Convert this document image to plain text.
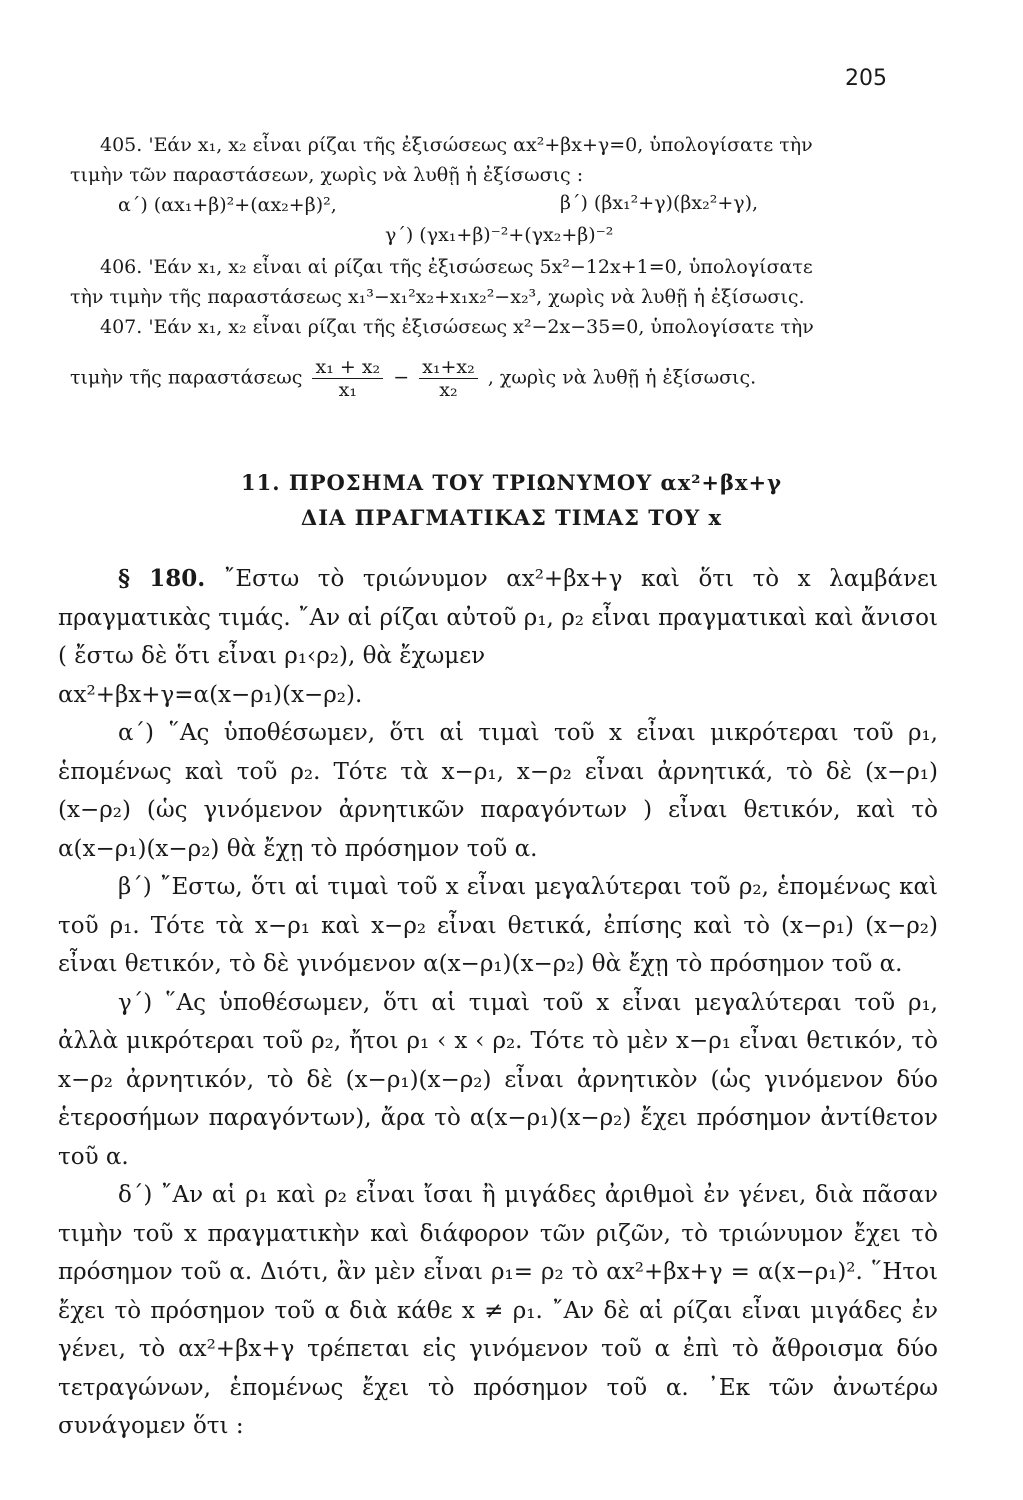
205
405. 'Εάν x₁, x₂ εἶναι ρίζαι τῆς ἐξισώσεως αx²+βx+γ=0, ὑπολογίσατε τὴν
τιμὴν τῶν παραστάσεων, χωρὶς νὰ λυθῇ ἡ ἐξίσωσις :
α΄) (αx₁+β)²+(αx₂+β)²,	β΄) (βx₁²+γ)(βx₂²+γ),
γ΄) (γx₁+β)⁻²+(γx₂+β)⁻²
406. 'Εάν x₁, x₂ εἶναι αἱ ρίζαι τῆς ἐξισώσεως 5x²−12x+1=0, ὑπολογίσατε
τὴν τιμὴν τῆς παραστάσεως x₁³−x₁²x₂+x₁x₂²−x₂³, χωρὶς νὰ λυθῇ ἡ ἐξίσωσις.
407. 'Εάν x₁, x₂ εἶναι ρίζαι τῆς ἐξισώσεως x²−2x−35=0, ὑπολογίσατε τὴν
τιμὴν τῆς παραστάσεως $\frac{\text{x₁ + x₂}}{\text{x₁}} - \frac{\text{x₁+x₂}}{\text{x₂}}$ , χωρὶς νὰ λυθῇ ἡ ἐξίσωσις.
11. ΠΡΟΣΗΜΑ ΤΟΥ ΤΡΙΩΝΥΜΟΥ αx²+βx+γ
ΔΙΑ ΠΡΑΓΜΑΤΙΚΑΣ ΤΙΜΑΣ ΤΟΥ x

§ 180. ῎Εστω τὸ τριώνυμον αx²+βx+γ καὶ ὅτι τὸ x λαμβάνει πραγματικὰς τιμάς. ῎Αν αἱ ρίζαι αὐτοῦ ρ₁, ρ₂ εἶναι πραγματικαὶ καὶ ἄνισοι ( ἔστω δὲ ὅτι εἶναι ρ₁‹ρ₂), θὰ ἔχωμεν

αx²+βx+γ=α(x−ρ₁)(x−ρ₂).

α΄) ῞Ας ὑποθέσωμεν, ὅτι αἱ τιμαὶ τοῦ x εἶναι μικρότεραι τοῦ ρ₁, ἑπομένως καὶ τοῦ ρ₂. Τότε τὰ x−ρ₁, x−ρ₂ εἶναι ἀρνητικά, τὸ δὲ (x−ρ₁)(x−ρ₂) (ὡς γινόμενον ἀρνητικῶν παραγόντων ) εἶναι θετικόν, καὶ τὸ α(x−ρ₁)(x−ρ₂) θὰ ἔχῃ τὸ πρόσημον τοῦ α.

β΄) ῎Εστω, ὅτι αἱ τιμαὶ τοῦ x εἶναι μεγαλύτεραι τοῦ ρ₂, ἑπομένως καὶ τοῦ ρ₁. Τότε τὰ x−ρ₁ καὶ x−ρ₂ εἶναι θετικά, ἐπίσης καὶ τὸ (x−ρ₁) (x−ρ₂) εἶναι θετικόν, τὸ δὲ γινόμενον α(x−ρ₁)(x−ρ₂) θὰ ἔχῃ τὸ πρόσημον τοῦ α.

γ΄) ῞Ας ὑποθέσωμεν, ὅτι αἱ τιμαὶ τοῦ x εἶναι μεγαλύτεραι τοῦ ρ₁, ἀλλὰ μικρότεραι τοῦ ρ₂, ἤτοι ρ₁ ‹ x ‹ ρ₂. Τότε τὸ μὲν x−ρ₁ εἶναι θετικόν, τὸ x−ρ₂ ἀρνητικόν, τὸ δὲ (x−ρ₁)(x−ρ₂) εἶναι ἀρνητικὸν (ὡς γινόμενον δύο ἑτεροσήμων παραγόντων), ἄρα τὸ α(x−ρ₁)(x−ρ₂) ἔχει πρόσημον ἀντίθετον τοῦ α.

δ΄) ῎Αν αἱ ρ₁ καὶ ρ₂ εἶναι ἴσαι ἢ μιγάδες ἀριθμοὶ ἐν γένει, διὰ πᾶσαν τιμὴν τοῦ x πραγματικὴν καὶ διάφορον τῶν ριζῶν, τὸ τριώνυμον ἔχει τὸ πρόσημον τοῦ α. Διότι, ἂν μὲν εἶναι ρ₁= ρ₂ τὸ αx²+βx+γ = α(x−ρ₁)². ῞Ητοι ἔχει τὸ πρόσημον τοῦ α διὰ κάθε x ≠ ρ₁. ῎Αν δὲ αἱ ρίζαι εἶναι μιγάδες ἐν γένει, τὸ αx²+βx+γ τρέπεται εἰς γινόμενον τοῦ α ἐπὶ τὸ ἄθροισμα δύο τετραγώνων, ἑπομένως ἔχει τὸ πρόσημον τοῦ α. ᾿Εκ τῶν ἀνωτέρω συνάγομεν ὅτι :
